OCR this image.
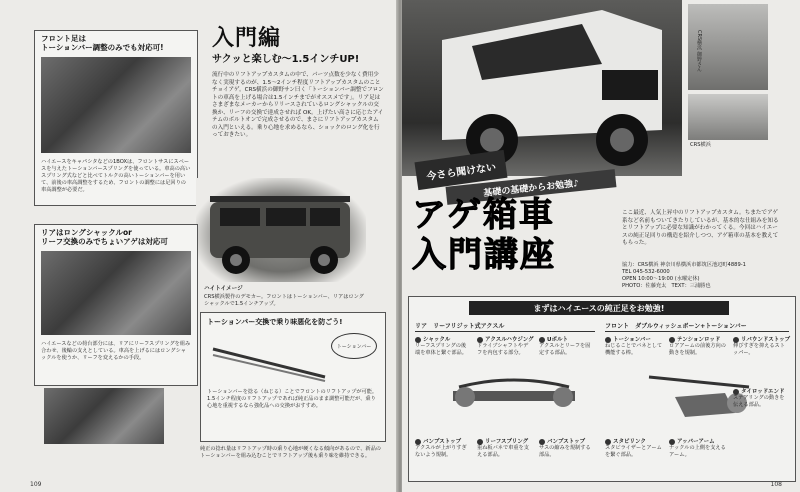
フロント足は
トーションバー調整のみでも対応可!
ハイエースをキャパシタなどの1BOXは、フロントサスにスペースを与えたトーションバースプリングを使っている。車高の高いスプリング式などと比べてトルクの高いトーションバーを用いて、前後の車高調整をするため、フロントの調整には足回りの車高調整が必要だ。
入門編
サクッと楽しむ〜1.5インチUP!
流行中のリフトアップカスタムの中で、パーツ点数を少なく費用少なく実現するのが、1.5〜2インチ程度リフトアップカスタムのことチョイアゲ。CRS横浜の御野サン曰く「トーションバー調整でフロントの車高を上げる場合は1.5インチまでがオススメです」。リア足はさまざまなメーカーからリリースされているロングシャックルの交換か、リーフの交換で達成させれば OK。上げたい高さに応じたアイテムのボルトオンで完成させるので、まさにリフトアップカスタムの入門といえる。乗り心地を求めるなら、ショックのロング化を行っておきたい。
ハイトイメージ
CRS横浜製作のデモカー。フロントはトーションバー、リアはロングシャックルで1.5インチアップ。
リアはロングシャックルor
リーフ交換のみでちょいアゲは対応可
ハイエースなどの荷台部分には、リアにリーフスプリングを組み合わせ、後輪の支えとしている。車高を上げるにはロングシャックルを使うか、リーフを変えるかの手段。
トーションバー交換で乗り味悪化を防ごう!
トーションバー
トーションバーを捻る（ねじる）ことでフロントのリフトアップが可能。1.5インチ程度のリフトアップであれば純正品のまま調整可能だが、乗り心地を重視するなら強化品への交換がおすすめ。
純正の捻れ量はリフトアップ時の乗り心地が硬くなる傾向があるので、新品のトーションバーを組み込むことでリフトアップ後も乗り味を維持できる。
109
CRS横浜 御野さん
CRS横浜
今さら聞けない
基礎の基礎からお勉強♪
アゲ箱車
入門講座
ここ最近、人気上昇中のリフトアップカスタム。ちまたでアゲ系など名前もついてきたりしているが、基本的な仕組みを知るとリフトアップに必要な知識がわかってくる。今回はハイエースの純正足回りの構造を紹介しつつ、アゲ箱車の基本を教えてもらった。
協力：CRS横浜 神奈川県横浜市都筑区池辺町4889-1
TEL 045-532-6000
OPEN 10:00〜19:00 (水曜定休)
PHOTO：佐藤充太　TEXT：三浦勝也
まずはハイエースの純正足をお勉強!
リア リーフリジット式アクスル	フロント ダブルウィッシュボーン+トーションバー
シャックル
リーフスプリングの後端を車体と繋ぐ部品。
アクスルハウジング
ドライブシャフトやデフを内包する部分。
Uボルト
アクスルとリーフを固定する部品。
バンプストップ
アクスルが上がりすぎないよう規制。
リーフスプリング
重ね板バネで車重を支える部品。
トーションバー
ねじることでバネとして機能する棒。
テンションロッド
ロアアームの前後方向の動きを規制。
リバウンドストップ
伸びすぎを抑えるストッパー。
スタビリンク
スタビライザーとアームを繋ぐ部品。
アッパーアーム
ナックルの上側を支えるアーム。
タイロッドエンド
ステアリングの動きを伝える部品。
バンプストップ
サスの縮みを規制する部品。
108
